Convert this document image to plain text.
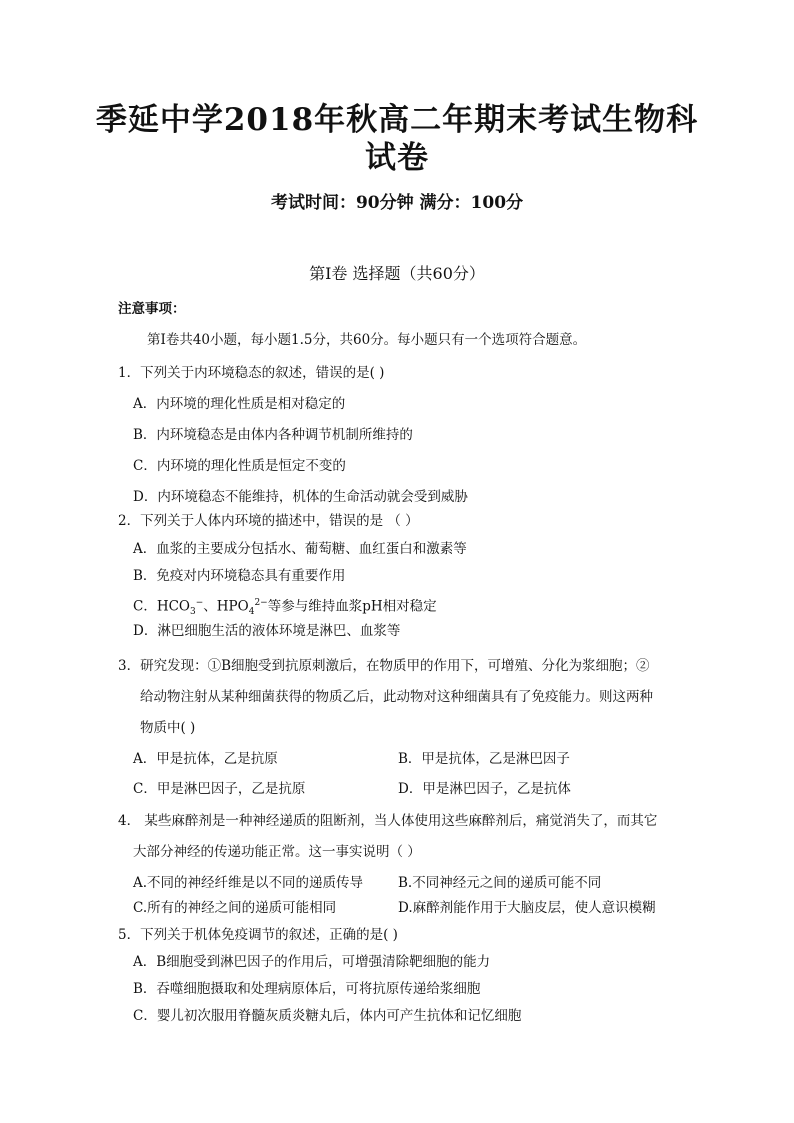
季延中学2018年秋高二年期末考试生物科
试卷
考试时间：90分钟 满分：100分
第Ⅰ卷 选择题（共60分）
注意事项：
第Ⅰ卷共40小题，每小题1.5分，共60分。每小题只有一个选项符合题意。
1．下列关于内环境稳态的叙述，错误的是( )
A．内环境的理化性质是相对稳定的
B．内环境稳态是由体内各种调节机制所维持的
C．内环境的理化性质是恒定不变的
D．内环境稳态不能维持，机体的生命活动就会受到威胁
2．下列关于人体内环境的描述中，错误的是 （ ）
A．血浆的主要成分包括水、葡萄糖、血红蛋白和激素等
B．免疫对内环境稳态具有重要作用
C．$HCO_3^-$、$HPO_4^{2-}$等参与维持血浆pH相对稳定
D．淋巴细胞生活的液体环境是淋巴、血浆等
3．研究发现：①B细胞受到抗原刺激后，在物质甲的作用下，可增殖、分化为浆细胞；②
给动物注射从某种细菌获得的物质乙后，此动物对这种细菌具有了免疫能力。则这两种
物质中( )
A．甲是抗体，乙是抗原	B．甲是抗体，乙是淋巴因子
C．甲是淋巴因子，乙是抗原	D．甲是淋巴因子，乙是抗体
4． 某些麻醉剂是一种神经递质的阻断剂，当人体使用这些麻醉剂后，痛觉消失了，而其它
大部分神经的传递功能正常。这一事实说明（ ）
A.不同的神经纤维是以不同的递质传导	B.不同神经元之间的递质可能不同
C.所有的神经之间的递质可能相同	D.麻醉剂能作用于大脑皮层，使人意识模糊
5．下列关于机体免疫调节的叙述，正确的是( )
A．B细胞受到淋巴因子的作用后，可增强清除靶细胞的能力
B．吞噬细胞摄取和处理病原体后，可将抗原传递给浆细胞
C．婴儿初次服用脊髓灰质炎糖丸后，体内可产生抗体和记忆细胞
